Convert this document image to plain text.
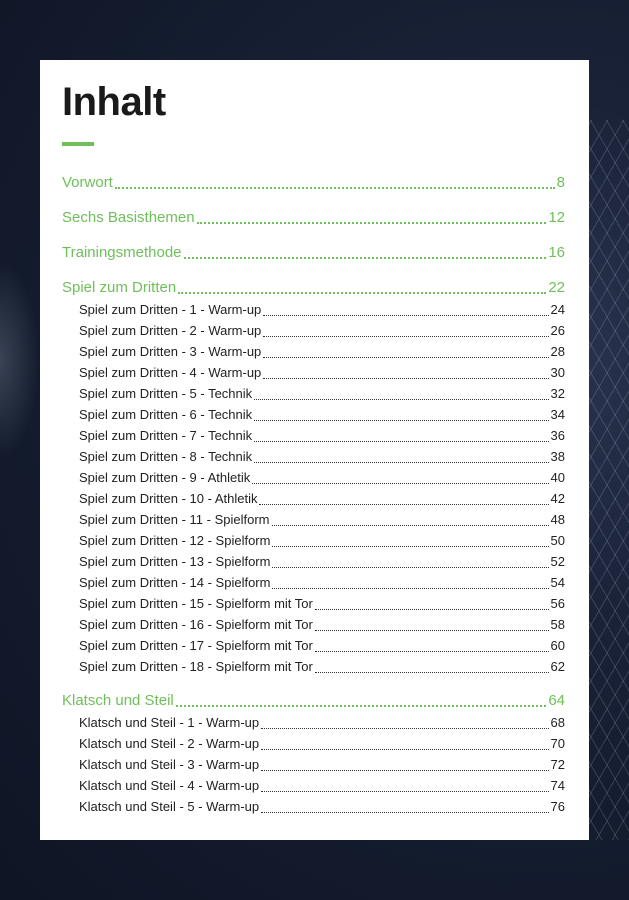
Inhalt
Vorwort	8
Sechs Basisthemen	12
Trainingsmethode	16
Spiel zum Dritten	22
Spiel zum Dritten - 1 - Warm-up	24
Spiel zum Dritten - 2 - Warm-up	26
Spiel zum Dritten - 3 - Warm-up	28
Spiel zum Dritten - 4 - Warm-up	30
Spiel zum Dritten - 5 - Technik	32
Spiel zum Dritten - 6 - Technik	34
Spiel zum Dritten - 7 - Technik	36
Spiel zum Dritten - 8 - Technik	38
Spiel zum Dritten - 9 - Athletik	40
Spiel zum Dritten - 10 - Athletik	42
Spiel zum Dritten - 11 - Spielform	48
Spiel zum Dritten - 12 - Spielform	50
Spiel zum Dritten - 13 - Spielform	52
Spiel zum Dritten - 14 - Spielform	54
Spiel zum Dritten - 15 - Spielform mit Tor	56
Spiel zum Dritten - 16 - Spielform mit Tor	58
Spiel zum Dritten - 17 - Spielform mit Tor	60
Spiel zum Dritten - 18 - Spielform mit Tor	62
Klatsch und Steil	64
Klatsch und Steil - 1 - Warm-up	68
Klatsch und Steil - 2 - Warm-up	70
Klatsch und Steil - 3 - Warm-up	72
Klatsch und Steil - 4 - Warm-up	74
Klatsch und Steil - 5 - Warm-up	76
